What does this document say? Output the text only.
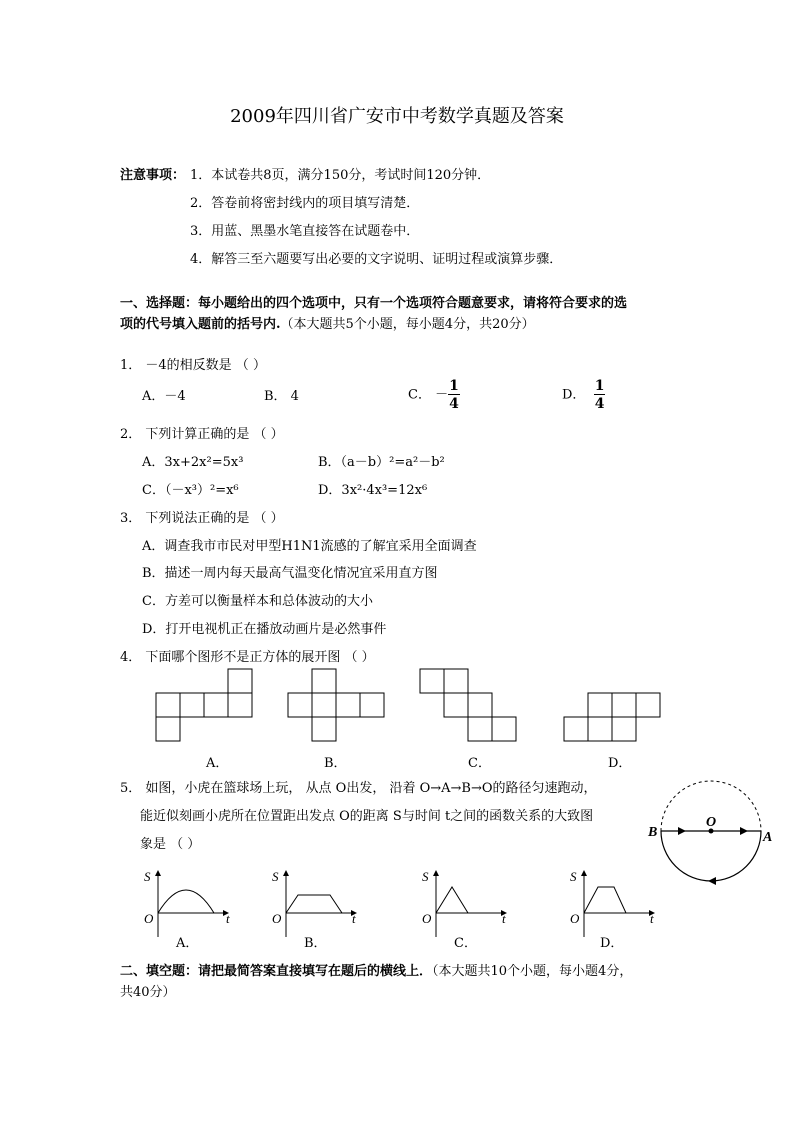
2009年四川省广安市中考数学真题及答案
注意事项： 1．本试卷共8页，满分150分，考试时间120分钟．
2．答卷前将密封线内的项目填写清楚．
3．用蓝、黑墨水笔直接答在试题卷中．
4．解答三至六题要写出必要的文字说明、证明过程或演算步骤．
一、选择题：每小题给出的四个选项中，只有一个选项符合题意要求，请将符合要求的选
项的代号填入题前的括号内.（本大题共5个小题，每小题4分，共20分）
1． －4的相反数是 （ ）
A．－4	B． 4	C． － $\frac{1}{4}$	D． $\frac{1}{4}$
2． 下列计算正确的是 （ ）
A．3x+2x²=5x³	B．（a－b）²=a²－b²
C．（－x³）²=x⁶	D．3x²·4x³=12x⁶
3． 下列说法正确的是 （ ）
A．调查我市市民对甲型H1N1流感的了解宜采用全面调查
B．描述一周内每天最高气温变化情况宜采用直方图
C．方差可以衡量样本和总体波动的大小
D．打开电视机正在播放动画片是必然事件
4． 下面哪个图形不是正方体的展开图 （ ）
A．	B．	C．	D．
5． 如图，小虎在篮球场上玩， 从点 O出发， 沿着 O→A→B→O的路径匀速跑动，
能近似刻画小虎所在位置距出发点 O的距离 S与时间 t之间的函数关系的大致图
象是 （ ）
B
O
A
S
O	t
S
O	t
S
O	t
S
O	t
A．	B．	C．	D．
二、填空题：请把最简答案直接填写在题后的横线上．（本大题共10个小题，每小题4分，
共40分）
